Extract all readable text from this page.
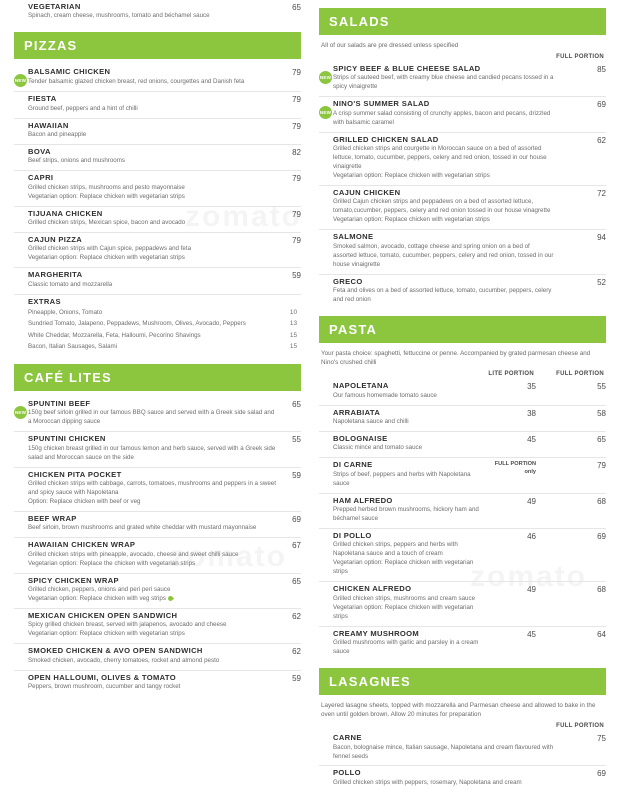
VEGETARIAN
Spinach, cream cheese, mushrooms, tomato and béchamel sauce
65
PIZZAS
NEW
BALSAMIC CHICKEN
Tender balsamic glazed chicken breast, red onions, courgettes and Danish feta
79
FIESTA
Ground beef, peppers and a hint of chilli
79
HAWAIIAN
Bacon and pineapple
79
BOVA
Beef strips, onions and mushrooms
82
CAPRI
Grilled chicken strips, mushrooms and pesto mayonnaise
Vegetarian option: Replace chicken with vegetarian strips
79
TIJUANA CHICKEN
Grilled chicken strips, Mexican spice, bacon and avocado
79
CAJUN PIZZA
Grilled chicken strips with Cajun spice, peppadews and feta
Vegetarian option: Replace chicken with vegetarian strips
79
MARGHERITA
Classic tomato and mozzarella
59
EXTRAS
Pineapple, Onions, Tomato	10
Sundried Tomato, Jalapeno, Peppadews, Mushroom, Olives, Avocado, Peppers	13
White Cheddar, Mozzarella, Feta, Halloumi, Pecorino Shavings	15
Bacon, Italian Sausages, Salami	15
CAFÉ LITES
NEW
SPUNTINI BEEF
150g beef sirloin grilled in our famous BBQ sauce and served with a Greek side salad and a Moroccan dipping sauce
65
SPUNTINI CHICKEN
150g chicken breast grilled in our famous lemon and herb sauce, served with a Greek side salad and Moroccan sauce on the side
55
CHICKEN PITA POCKET
Grilled chicken strips with cabbage, carrots, tomatoes, mushrooms and peppers in a sweet and spicy sauce with Napoletana
Option: Replace chicken with beef or veg
59
BEEF WRAP
Beef sirloin, brown mushrooms and grated white cheddar with mustard mayonnaise
69
HAWAIIAN CHICKEN WRAP
Grilled chicken strips with pineapple, avocado, cheese and sweet chilli sauce
Vegetarian option: Replace the chicken with vegetarian strips
67
SPICY CHICKEN WRAP
Grilled chicken, peppers, onions and peri peri sauce
Vegetarian option: Replace chicken with veg strips
65
MEXICAN CHICKEN OPEN SANDWICH
Spicy grilled chicken breast, served with jalapenos, avocado and cheese
Vegetarian option: Replace chicken with vegetarian strips
62
SMOKED CHICKEN & AVO OPEN SANDWICH
Smoked chicken, avocado, cherry tomatoes, rocket and almond pesto
62
OPEN HALLOUMI, OLIVES & TOMATO
Peppers, brown mushroom, cucumber and tangy rocket
59
SALADS
All of our salads are pre dressed unless specified
FULL PORTION
NEW
SPICY BEEF & BLUE CHEESE SALAD
Strips of sauteed beef, with creamy blue cheese and candied pecans tossed in a spicy vinaigrette
85
NEW
NINO'S SUMMER SALAD
A crisp summer salad consisting of crunchy apples, bacon and pecans, drizzled with balsamic caramel
69
GRILLED CHICKEN SALAD
Grilled chicken strips and courgette in Moroccan sauce on a bed of assorted lettuce, tomato, cucumber, peppers, celery and red onion, tossed in our house vinaigrette
Vegetarian option: Replace chicken with vegetarian strips
62
CAJUN CHICKEN
Grilled Cajun chicken strips and peppadews on a bed of assorted lettuce, tomato,cucumber, peppers, celery and red onion tossed in our house vinagrette
Vegetarian option: Replace chicken with vegetarian strips
72
SALMONE
Smoked salmon, avocado, cottage cheese and spring onion on a bed of assorted lettuce, tomato, cucumber, peppers, celery and red onion, tossed in our house vinaigrette
94
GRECO
Feta and olives on a bed of assorted lettuce, tomato, cucumber, peppers, celery and red onion
52
PASTA
Your pasta choice: spaghetti, fettuccine or penne. Accompanied by grated parmesan cheese and Nino's crushed chilli
LITE PORTION	FULL PORTION
NAPOLETANA
Our famous homemade tomato sauce
35	55
ARRABIATA
Napoletana sauce and chilli
38	58
BOLOGNAISE
Classic mince and tomato sauce
45	65
DI CARNE
Strips of beef, peppers and herbs with Napoletana sauce
FULL PORTION only
79
HAM ALFREDO
Prepped herbed brown mushrooms, hickory ham and béchamel sauce
49	68
DI POLLO
Grilled chicken strips, peppers and herbs with Napoletana sauce and a touch of cream
Vegetarian option: Replace chicken with vegetarian strips
46	69
CHICKEN ALFREDO
Grilled chicken strips, mushrooms and cream sauce
Vegetarian option: Replace chicken with vegetarian strips
49	68
CREAMY MUSHROOM
Grilled mushrooms with garlic and parsley in a cream sauce
45	64
LASAGNES
Layered lasagne sheets, topped with mozzarella and Parmesan cheese and allowed to bake in the oven until golden brown. Allow 20 minutes for preparation
FULL PORTION
CARNE
Bacon, bolognaise mince, Italian sausage, Napoletana and cream flavoured with fennel seeds
75
POLLO
Grilled chicken strips with peppers, rosemary, Napoletana and cream
69
